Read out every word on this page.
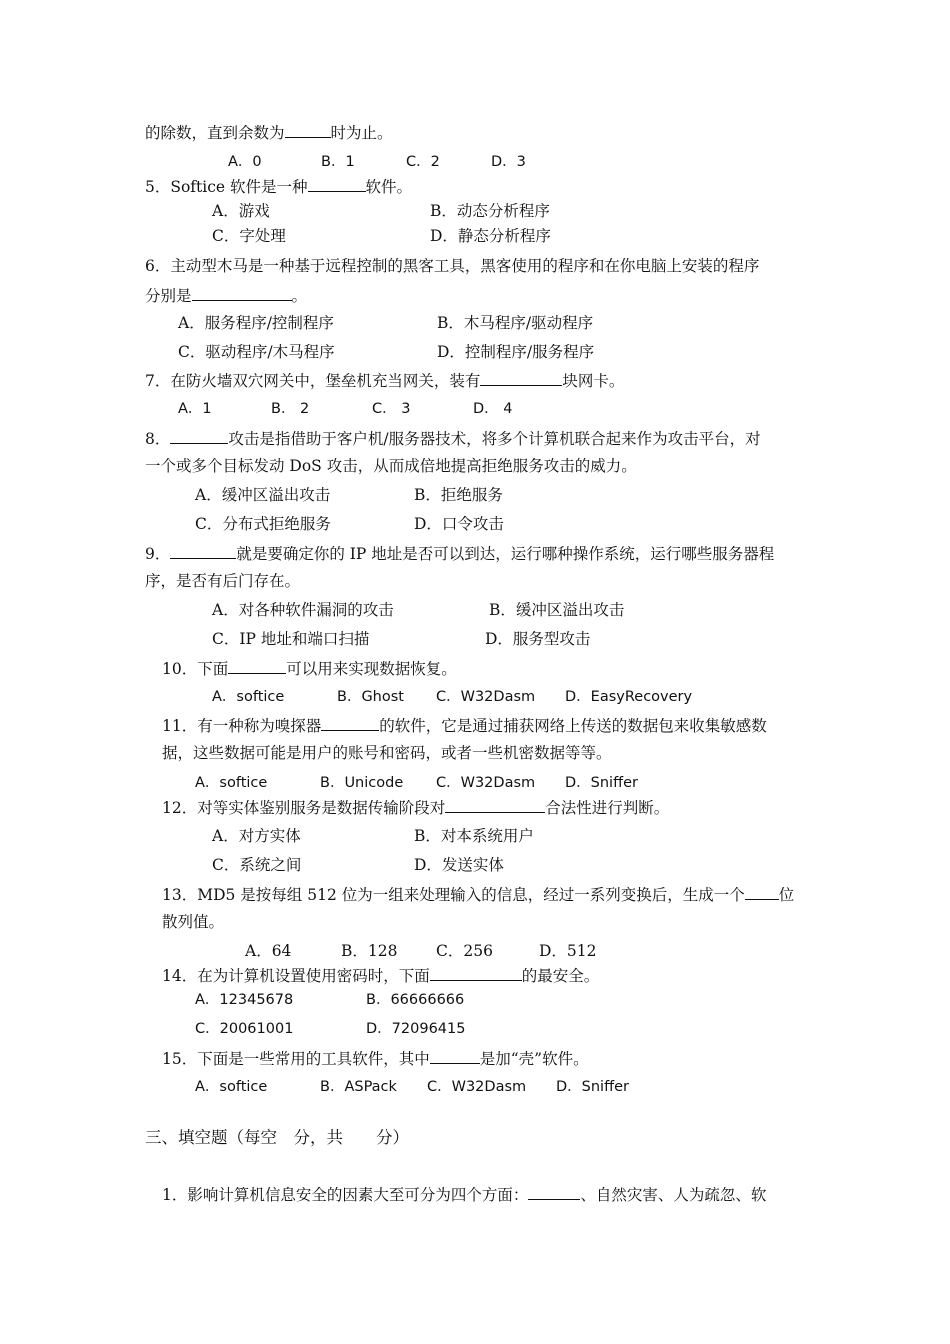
的除数，直到余数为	时为止。
A．0	B．1	C．2	D．3
5．Softice 软件是一种	软件。
A．游戏	B．动态分析程序
C．字处理	D．静态分析程序
6．主动型木马是一种基于远程控制的黑客工具，黑客使用的程序和在你电脑上安装的程序
分别是	。
A．服务程序/控制程序	B．木马程序/驱动程序
C．驱动程序/木马程序	D．控制程序/服务程序
7．在防火墙双穴网关中，堡垒机充当网关，装有	块网卡。
A．1	B． 2	C． 3	D． 4
8．	攻击是指借助于客户机/服务器技术，将多个计算机联合起来作为攻击平台，对
一个或多个目标发动 DoS 攻击，从而成倍地提高拒绝服务攻击的威力。
A．缓冲区溢出攻击	B．拒绝服务
C．分布式拒绝服务	D．口令攻击
9．	就是要确定你的 IP 地址是否可以到达，运行哪种操作系统，运行哪些服务器程
序，是否有后门存在。
A．对各种软件漏洞的攻击	B．缓冲区溢出攻击
C．IP 地址和端口扫描	D．服务型攻击
10．下面	可以用来实现数据恢复。
A．softice	B．Ghost C．W32Dasm D．EasyRecovery
11．有一种称为嗅探器	的软件，它是通过捕获网络上传送的数据包来收集敏感数
据，这些数据可能是用户的账号和密码，或者一些机密数据等等。
A．softice	B．Unicode C．W32Dasm D．Sniffer
12．对等实体鉴别服务是数据传输阶段对	合法性进行判断。
A．对方实体	B．对本系统用户
C．系统之间	D．发送实体
13．MD5 是按每组 512 位为一组来处理输入的信息，经过一系列变换后，生成一个 位
散列值。
A．64	B．128 C．256	D．512
14．在为计算机设置使用密码时，下面	的最安全。
A．12345678	B．66666666
C．20061001	D．72096415
15．下面是一些常用的工具软件，其中	是加“壳”软件。
A．softice	B．ASPack C．W32Dasm D．Sniffer
三、填空题（每空　分，共　　分）
1．影响计算机信息安全的因素大至可分为四个方面：	、自然灾害、人为疏忽、软
